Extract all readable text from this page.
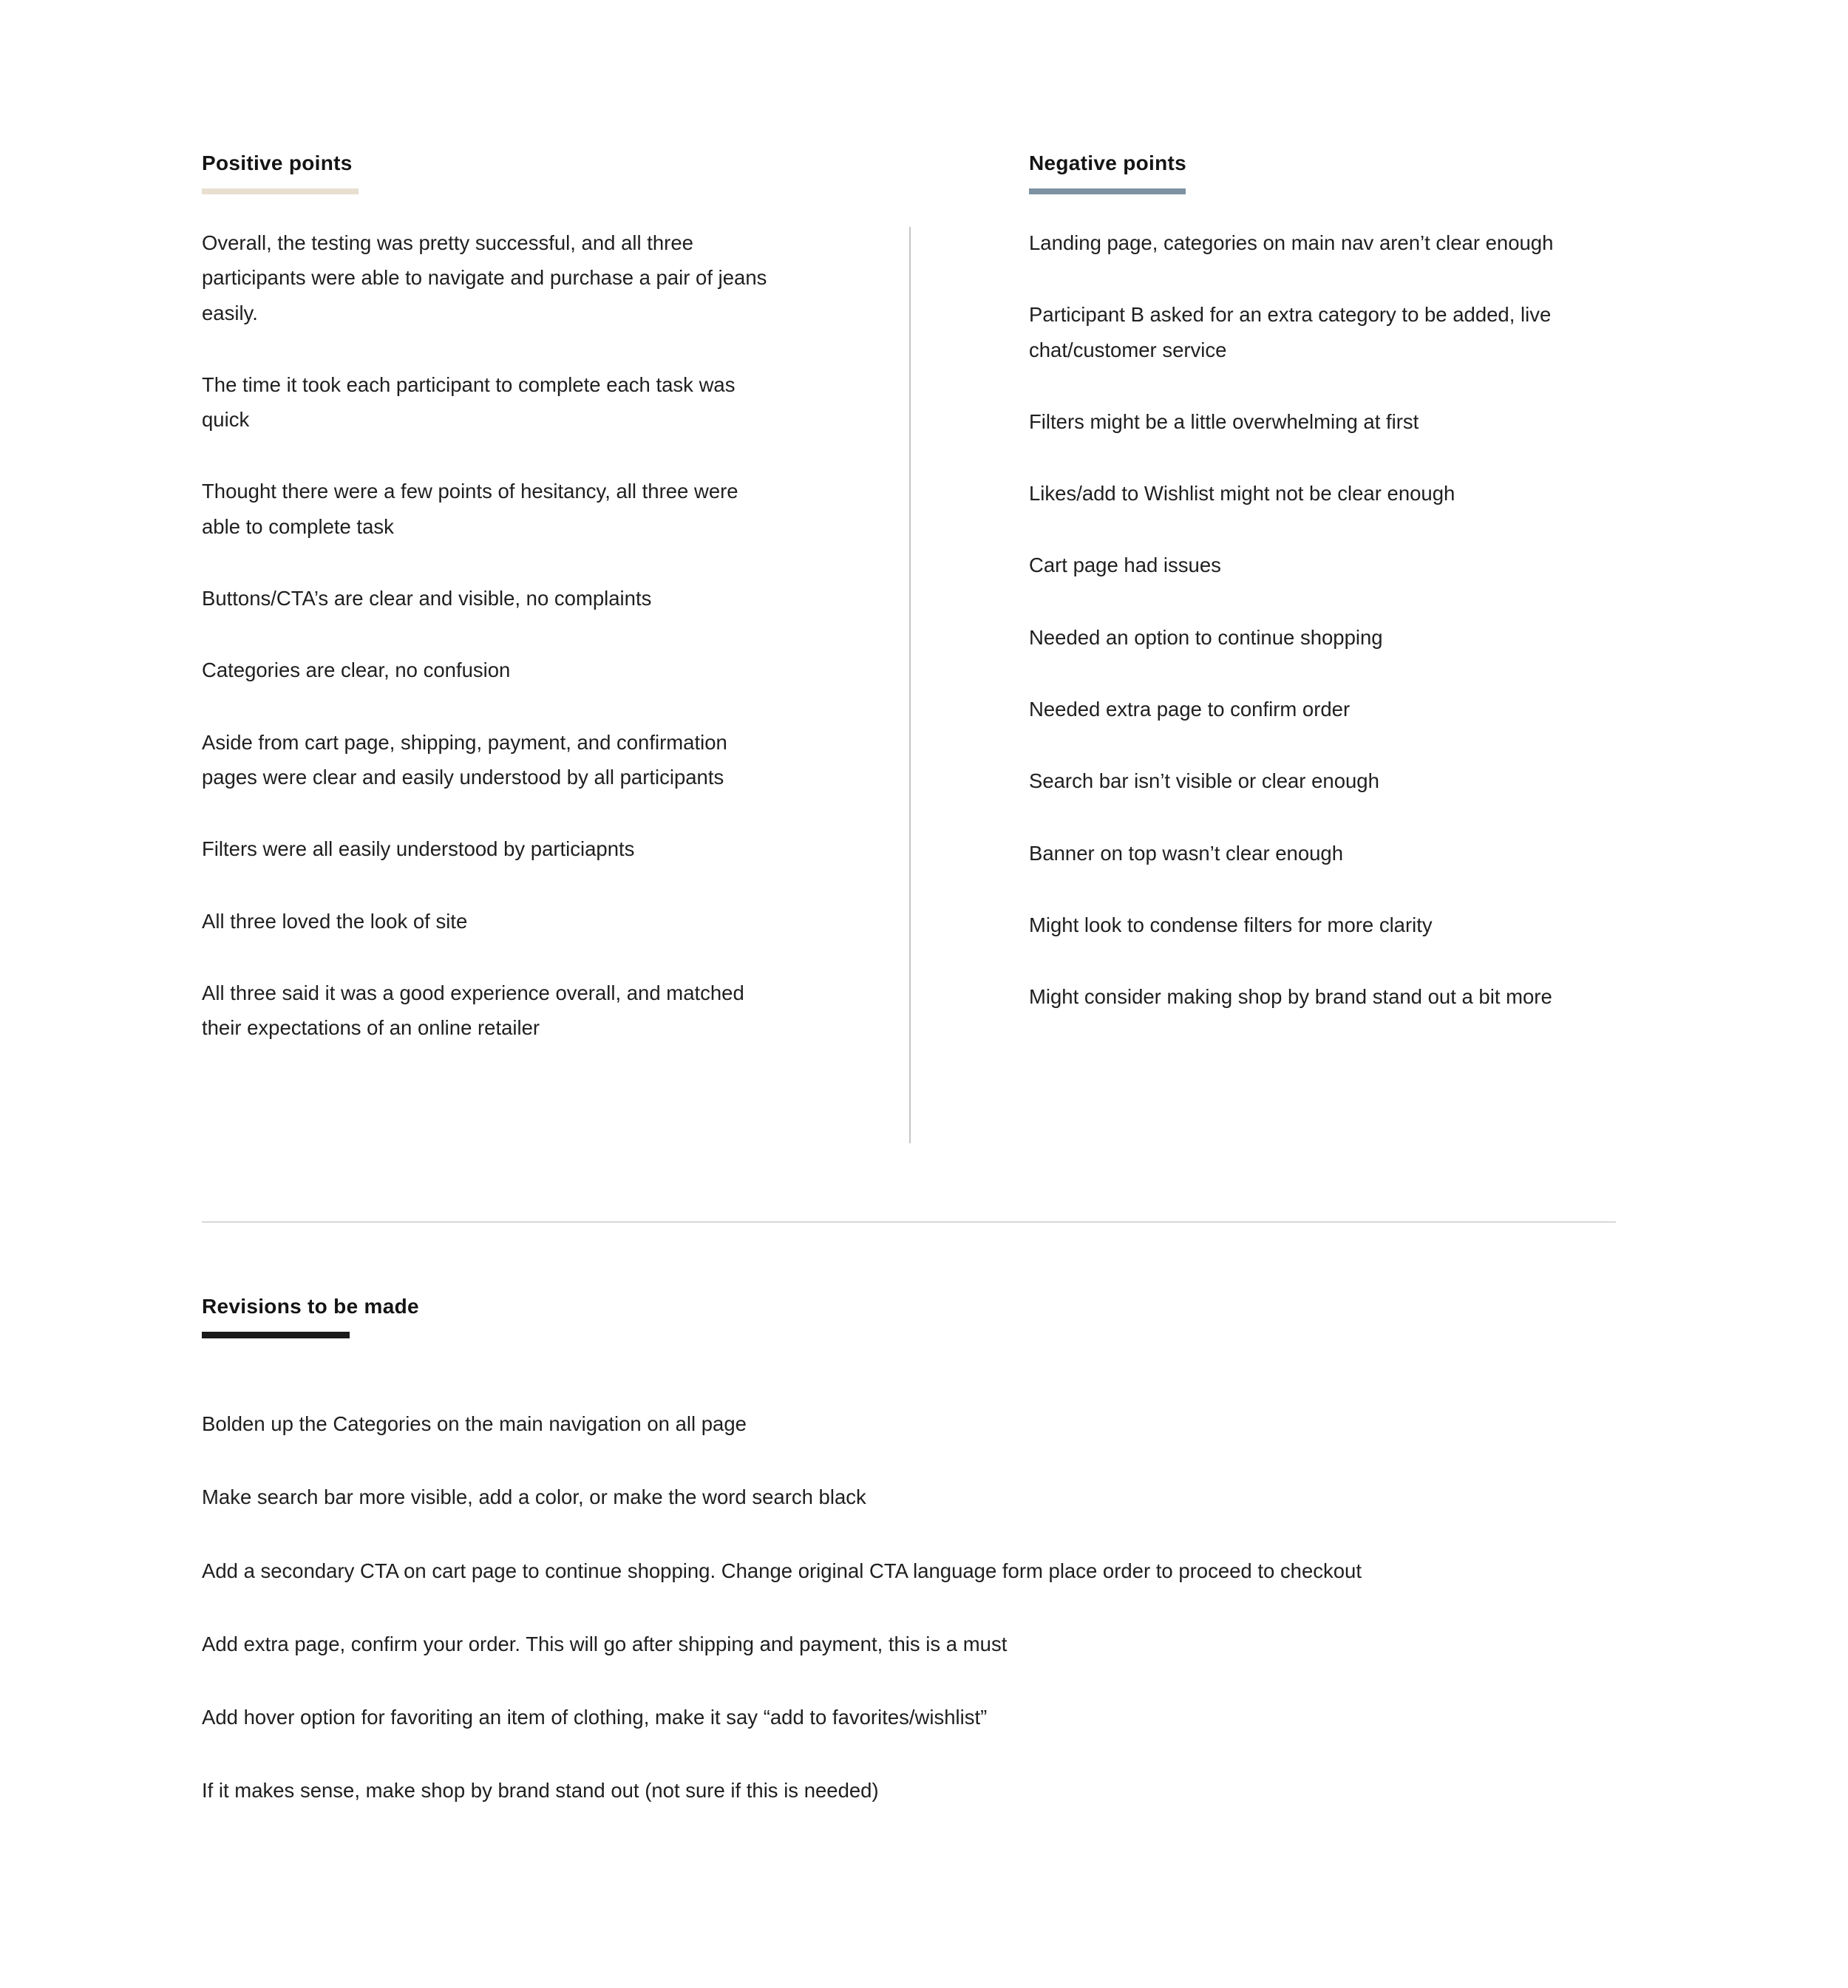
Positive points

Overall, the testing was pretty successful, and all three participants were able to navigate and purchase a pair of jeans easily.

The time it took each participant to complete each task was quick

Thought there were a few points of hesitancy, all three were able to complete task

Buttons/CTA’s are clear and visible, no complaints

Categories are clear, no confusion

Aside from cart page, shipping, payment, and confirmation pages were clear and easily understood by all participants

Filters were all easily understood by particiapnts

All three loved the look of site

All three said it was a good experience overall, and matched their expectations of an online retailer

Negative points

Landing page, categories on main nav aren’t clear enough

Participant B asked for an extra category to be added, live chat/customer service

Filters might be a little overwhelming at first

Likes/add to Wishlist might not be clear enough

Cart page had issues

Needed an option to continue shopping

Needed extra page to confirm order

Search bar isn’t visible or clear enough

Banner on top wasn’t clear enough

Might look to condense filters for more clarity

Might consider making shop by brand stand out a bit more

Revisions to be made

Bolden up the Categories on the main navigation on all page

Make search bar more visible, add a color, or make the word search black

Add a secondary CTA on cart page to continue shopping. Change original CTA language form place order to proceed to checkout

Add extra page, confirm your order. This will go after shipping and payment, this is a must

Add hover option for favoriting an item of clothing, make it say “add to favorites/wishlist”

If it makes sense, make shop by brand stand out (not sure if this is needed)
